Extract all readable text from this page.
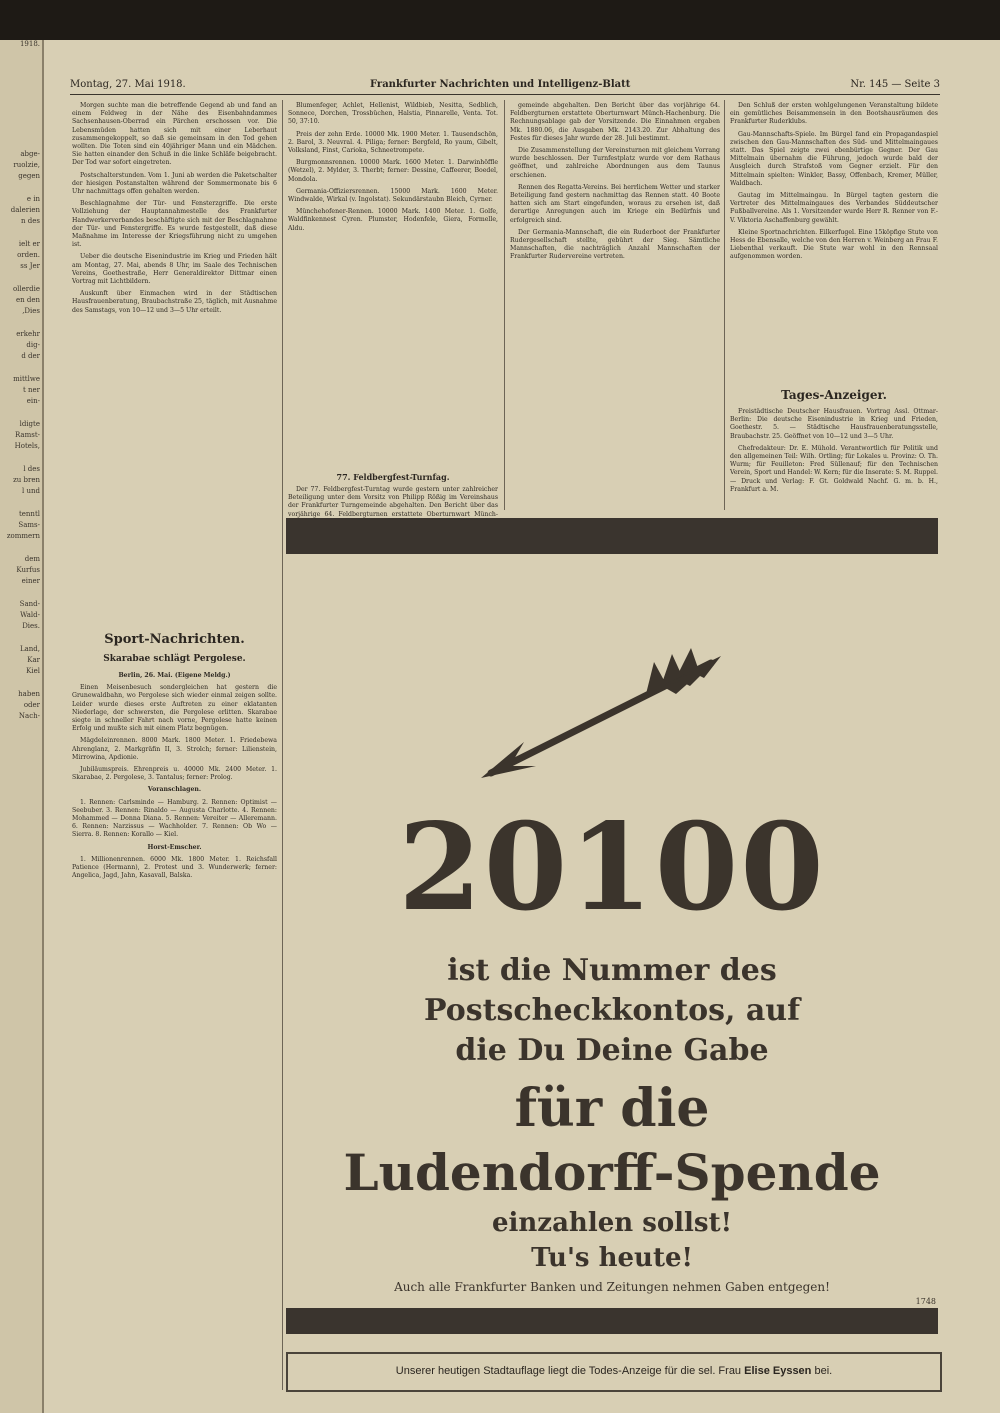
1918.
abge-
ruolzie,
gegen
e in
dalerien
n des
ielt er
orden.
ss Jer
ollerdie
en den
,Dies
erkehr
dig-
d der
mittlwe
t ner
ein-
ldigte
Ramst-
Hotels,
l des
zu bren
l und
tenntl
Sams-
zommern
dem
Kurfus
einer
Sand-
Wald-
Dies.
Land,
Kar
Kiel
haben
oder
Nach-
Montag, 27. Mai 1918.	Frankfurter Nachrichten und Intelligenz-Blatt	Nr. 145 — Seite 3

Morgen suchte man die betreffende Gegend ab und fand an einem Feldweg in der Nähe des Eisenbahndammes Sachsenhausen-Oberrad ein Pärchen erschossen vor. Die Lebensmüden hatten sich mit einer Leberhaut zusammengekoppelt, so daß sie gemeinsam in den Tod gehen wollten. Die Toten sind ein 40jähriger Mann und ein Mädchen. Sie hatten einander den Schuß in die linke Schläfe beigebracht. Der Tod war sofort eingetreten.

Postschalterstunden. Vom 1. Juni ab werden die Paketschalter der hiesigen Postanstalten während der Sommermonate bis 6 Uhr nachmittags offen gehalten werden.

Beschlagnahme der Tür- und Fensterzgriffe. Die erste Vollziehung der Hauptannahmestelle des Frankfurter Handwerkerverbandes beschäftigte sich mit der Beschlagnahme der Tür- und Fenstergriffe. Es wurde festgestellt, daß diese Maßnahme im Interesse der Kriegsführung nicht zu umgehen ist.

Ueber die deutsche Eisenindustrie im Krieg und Frieden hält am Montag, 27. Mai, abends 8 Uhr, im Saale des Technischen Vereins, Goethestraße, Herr Generaldirektor Dittmar einen Vortrag mit Lichtbildern.

Auskunft über Einmachen wird in der Städtischen Hausfrauenberatung, Braubachstraße 25, täglich, mit Ausnahme des Samstags, von 10—12 und 3—5 Uhr erteilt.

Sport-Nachrichten.
Skarabae schlägt Pergolese.

Berlin, 26. Mai. (Eigene Meldg.)

Einen Meisenbesuch sondergleichen hat gestern die Grunewaldbahn, wo Pergolese sich wieder einmal zeigen sollte. Leider wurde dieses erste Auftreten zu einer eklatanten Niederlage, der schwersten, die Pergolese erlitten. Skarabae siegte in schneller Fahrt nach vorne, Pergolese hatte keinen Erfolg und mußte sich mit einem Platz begnügen.

Mägdeleinrennen. 8000 Mark. 1800 Meter. 1. Friedebewa Ahrenglanz, 2. Markgräfin II, 3. Strolch; ferner: Lilienstein, Mirrowina, Apdionie.

Jubiläumspreis. Ehrenpreis u. 40000 Mk. 2400 Meter. 1. Skarabae, 2. Pergolese, 3. Tantalus; ferner: Prolog.

Voranschlagen.

1. Rennen: Carlsminde — Hamburg. 2. Rennen: Optimist — Seebuber. 3. Rennen: Rinaldo — Augusta Charlotte. 4. Rennen: Mohammed — Donna Diana. 5. Rennen: Vereiter — Alleremann. 6. Rennen: Narzissus — Wachholder. 7. Rennen: Ob Wo — Sierra. 8. Rennen: Korallo — Kiel.

Horst-Emscher.

1. Millionenrennen. 6000 Mk. 1800 Meter. 1. Reichsfall Patience (Hermann), 2. Protest und 3. Wunderwerk; ferner: Angelica, Jagd, Jahn, Kasavall, Balska.

Blumenfeger, Achlet, Hellenist, Wildbieb, Nesitta, Sedblich, Sonnece, Dorchen, Trossbüchen, Halstia, Pinnarelle, Venta. Tot. 50, 37:10.

Preis der zehn Erde. 10000 Mk. 1900 Meter. 1. Tausendschön, 2. Barol, 3. Neuvral. 4. Piliga; ferner: Bergfeld, Ro yaum, Gibelt, Volksland, Finst, Carioka, Schneetrompete.

Burgmonnsrennen. 10000 Mark. 1600 Meter. 1. Darwinhöffle (Wetzel), 2. Mylder, 3. Therbt; ferner: Dessine, Caffeerer, Boedel, Mondola.

Germania-Offiziersrennen. 15000 Mark. 1600 Meter. Windwalde, Wirkal (v. Ingolstat). Sekundärstaubn Bleich, Cyrner.

Münchehofener-Rennen. 10000 Mark. 1400 Meter. 1. Golfe, Waldfinkennest Cyren. Plumster, Hodenfele, Giera, Formelle, Aldu.

77. Feldbergfest-Turnfag.

Der 77. Feldbergfest-Turntag wurde gestern unter zahlreicher Beteiligung unter dem Vorsitz von Philipp Rößig im Vereinshaus der Frankfurter Turngemeinde abgehalten. Den Bericht über das vorjährige 64. Feldbergturnen erstattete Oberturnwart Münch-

gemeinde abgehalten. Den Bericht über das vorjährige 64. Feldbergturnen erstattete Oberturnwart Münch-Hachenburg. Die Rechnungsablage gab der Vorsitzende. Die Einnahmen ergaben Mk. 1880.06, die Ausgaben Mk. 2143.20. Zur Abhaltung des Festes für dieses Jahr wurde der 28. Juli bestimmt.

Die Zusammenstellung der Vereinsturnen mit gleichem Vorrang wurde beschlossen. Der Turnfestplatz wurde vor dem Rathaus geöffnet, und zahlreiche Abordnungen aus dem Taunus erschienen.

Rennen des Regatta-Vereins. Bei herrlichem Wetter und starker Beteiligung fand gestern nachmittag das Rennen statt. 40 Boote hatten sich am Start eingefunden, woraus zu ersehen ist, daß derartige Anregungen auch im Kriege ein Bedürfnis und erfolgreich sind.

Der Germania-Mannschaft, die ein Ruderboot der Frankfurter Rudergesellschaft stellte, gebührt der Sieg. Sämtliche Mannschaften, die nachträglich Anzahl Mannschaften der Frankfurter Rudervereine vertreten.

Den Schluß der ersten wohlgelungenen Veranstaltung bildete ein gemütliches Beisammensein in den Bootshausräumen des Frankfurter Ruderklubs.

Gau-Mannschafts-Spiele. Im Bürgel fand ein Propagandaspiel zwischen den Gau-Mannschaften des Süd- und Mittelmaingaues statt. Das Spiel zeigte zwei ebenbürtige Gegner. Der Gau Mittelmain übernahm die Führung, jedoch wurde bald der Ausgleich durch Strafstoß vom Gegner erzielt. Für den Mittelmain spielten: Winkler, Bassy, Offenbach, Kremer, Müller, Waldbach.

Gautag im Mittelmaingau. In Bürgel tagten gestern die Vertreter des Mittelmaingaues des Verbandes Süddeutscher Fußballvereine. Als 1. Vorsitzender wurde Herr R. Renner von F.-V. Viktoria Aschaffenburg gewählt.

Kleine Sportnachrichten. Eilkerfugel. Eine 15köpfige Stute von Hess de Ebensalle, welche von den Herren v. Weinberg an Frau F. Liebenthal verkauft. Die Stute war wohl in den Rennsaal aufgenommen worden.

Tages-Anzeiger.

Freistädtische Deutscher Hausfrauen. Vortrag Assl. Ottmar-Berlin: Die deutsche Eisenindustrie in Krieg und Frieden, Goethestr. 5. — Städtische Hausfrauenberatungsstelle, Braubachstr. 25. Geöffnet von 10—12 und 3—5 Uhr.

Chefredakteur: Dr. E. Mühold. Verantwortlich für Politik und den allgemeinen Teil: Wilh. Ortling; für Lokales u. Provinz: O. Th. Wurm; für Feuilleton: Fred Süllenauf; für den Technischen Verein, Sport und Handel: W. Kern; für die Inserate: S. M. Ruppel. — Druck und Verlag: F. Gt. Goldwald Nachf. G. m. b. H., Frankfurt a. M.

20100
ist die Nummer des
Postscheckkontos, auf
die Du Deine Gabe
für die
Ludendorff-Spende
einzahlen sollst!
Tu's heute!
Auch alle Frankfurter Banken und Zeitungen nehmen Gaben entgegen!
1748
Unserer heutigen Stadtauflage liegt die Todes-Anzeige für die sel. Frau Elise Eyssen bei.
